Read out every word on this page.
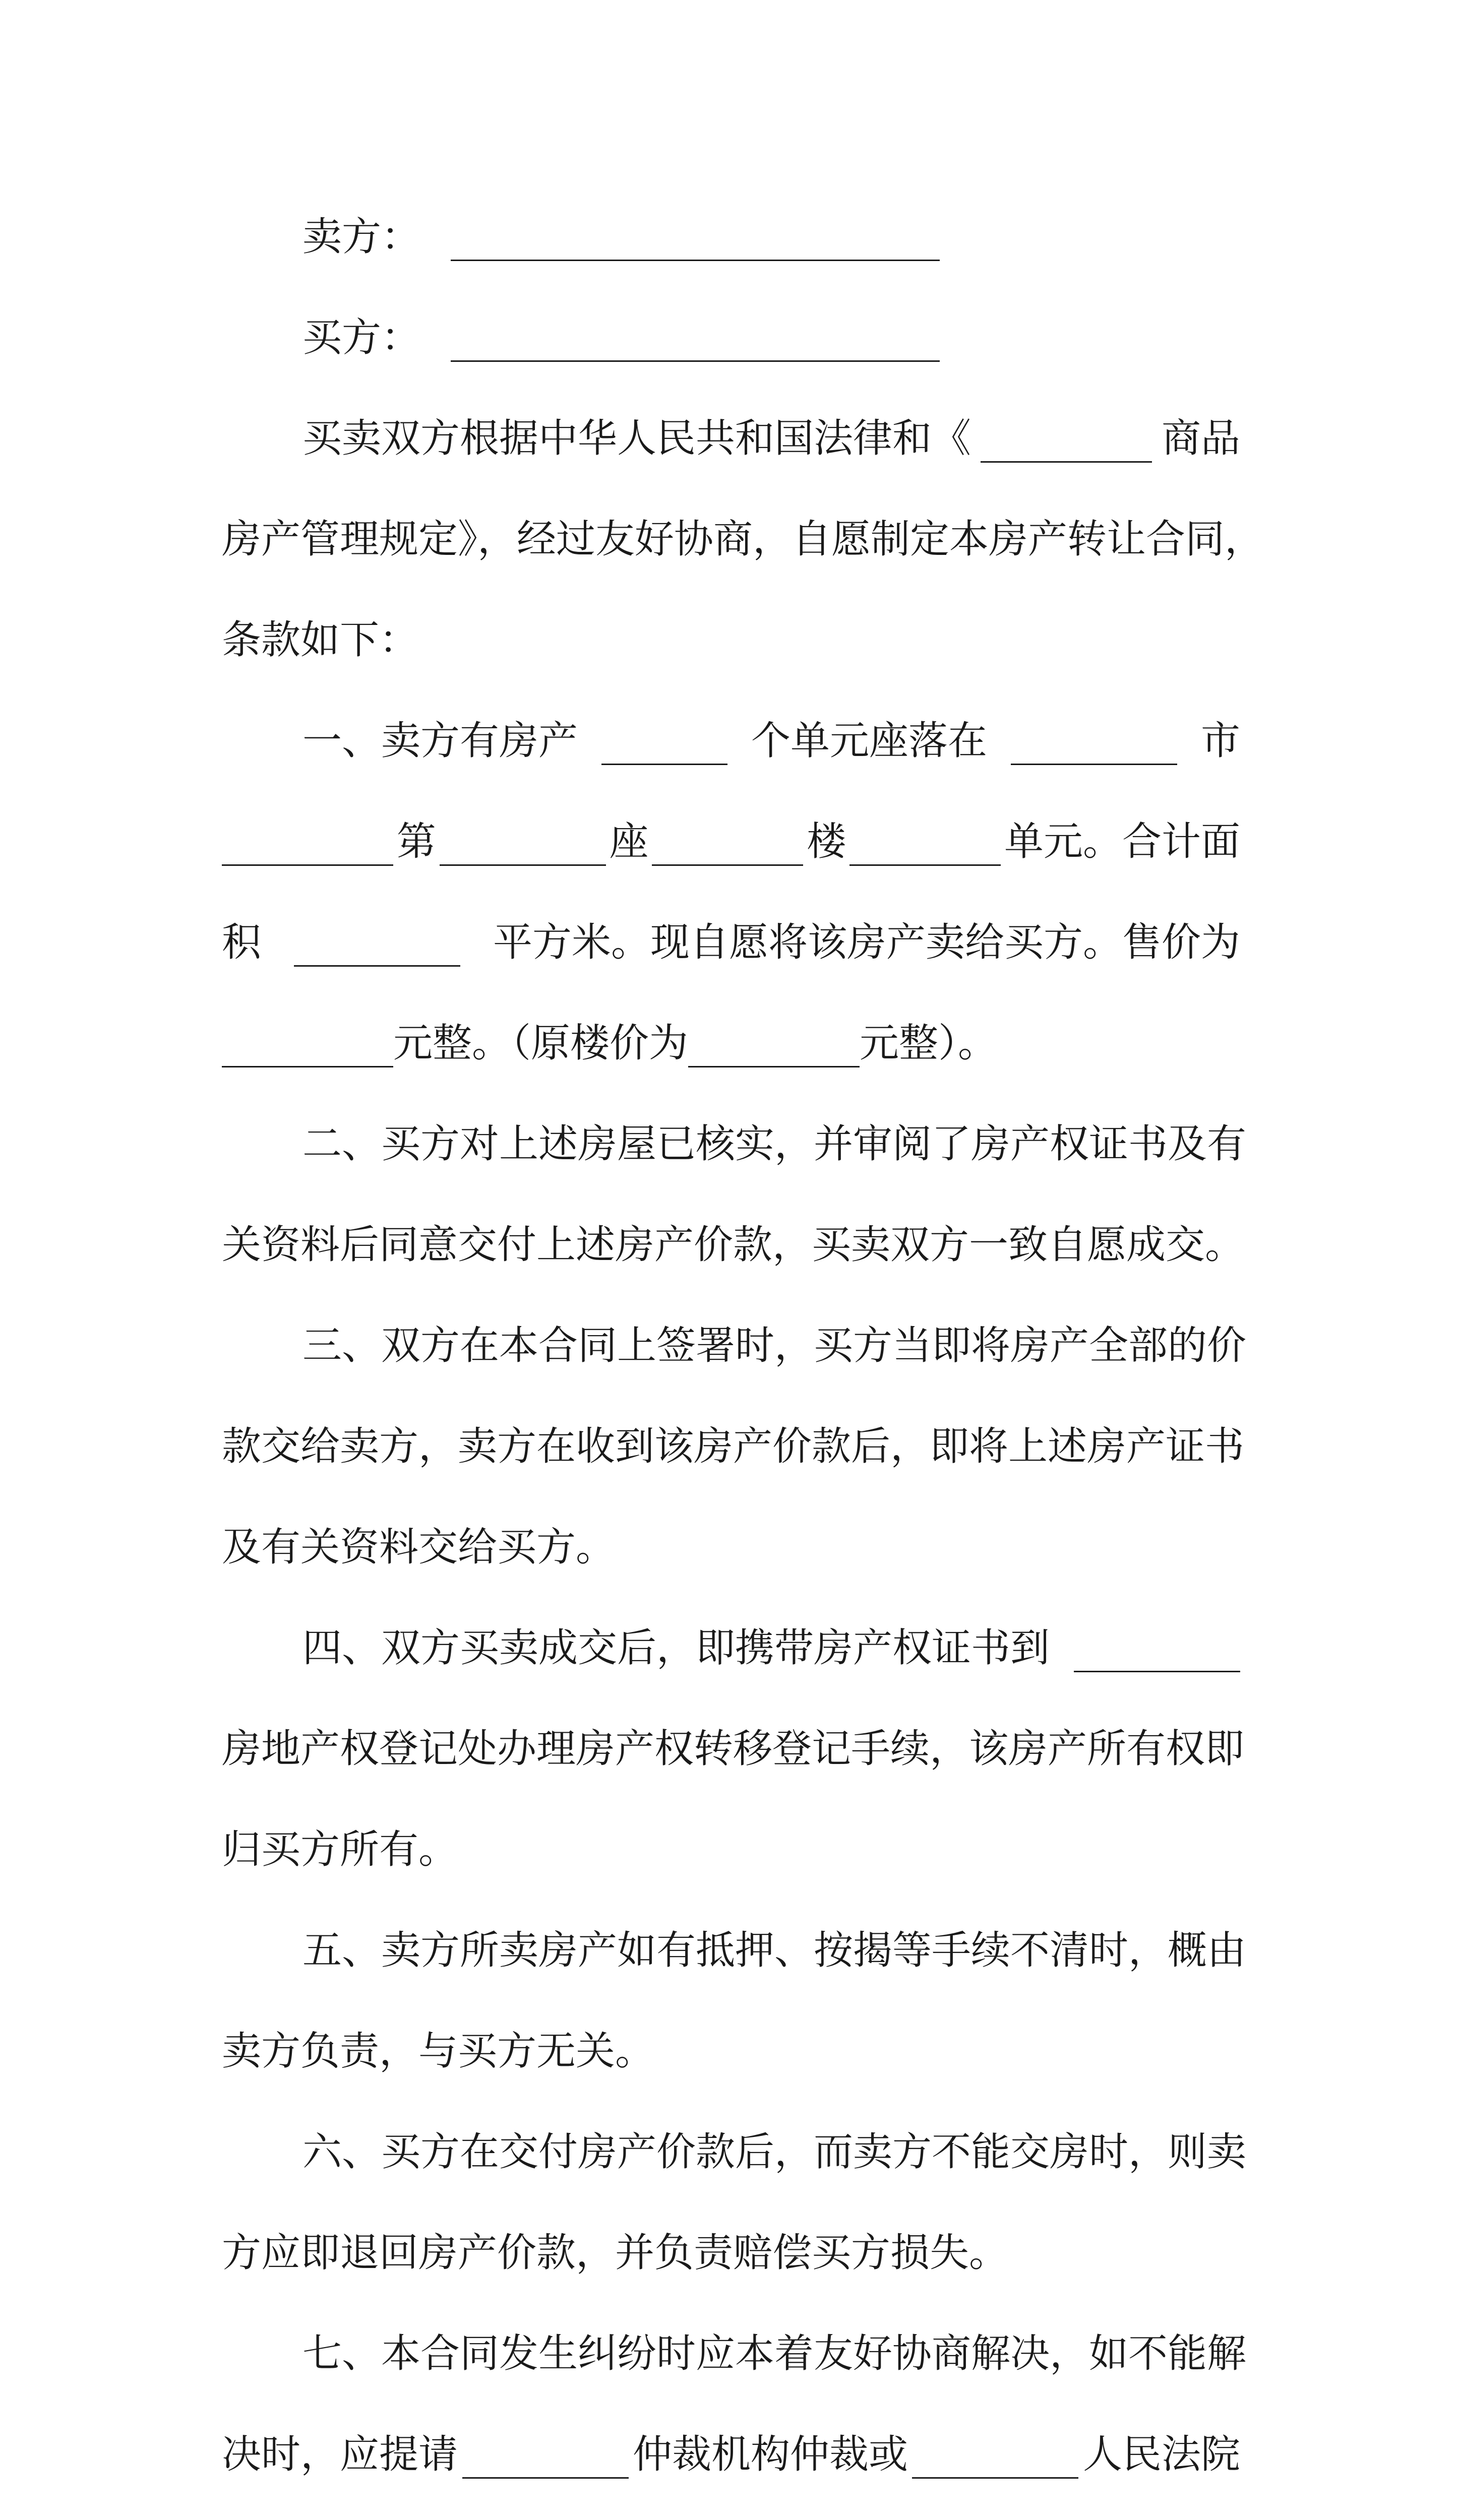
卖方：
买方：
买卖双方根据中华人民共和国法律和《	商品
房产管理规定》，经过友好协商，自愿制定本房产转让合同，
条款如下：
一、卖方有房产	个单元座落在	市
第	座	楼	单元。合计面
积	平方米。现自愿将该房产卖给买方。售价为
元整。（原楼价为	元整）。
二、买方对上述房屋已核实，并审阅了房产权证书及有
关资料后同意交付上述房产价款，买卖双方一致自愿成交。
三、双方在本合同上签署时，买方当即将房产全部的价
款交给卖方，卖方在收到该房产价款后，即将上述房产证书
及有关资料交给买方。
四、双方买卖成交后，即携带房产权证书到
房地产权登记处办理房产权转移登记手续，该房产所有权即
归买方所有。
五、卖方所卖房产如有抵押、按揭等手续不清时，概由
卖方负责，与买方无关。
六、买方在交付房产价款后，而卖方不能交房时，则卖
方应即退回房产价款，并负责赔偿买方损失。
七、本合同发生纠纷时应本着友好协商解决，如不能解
决时，应提请	仲裁机构仲裁或	人民法院
